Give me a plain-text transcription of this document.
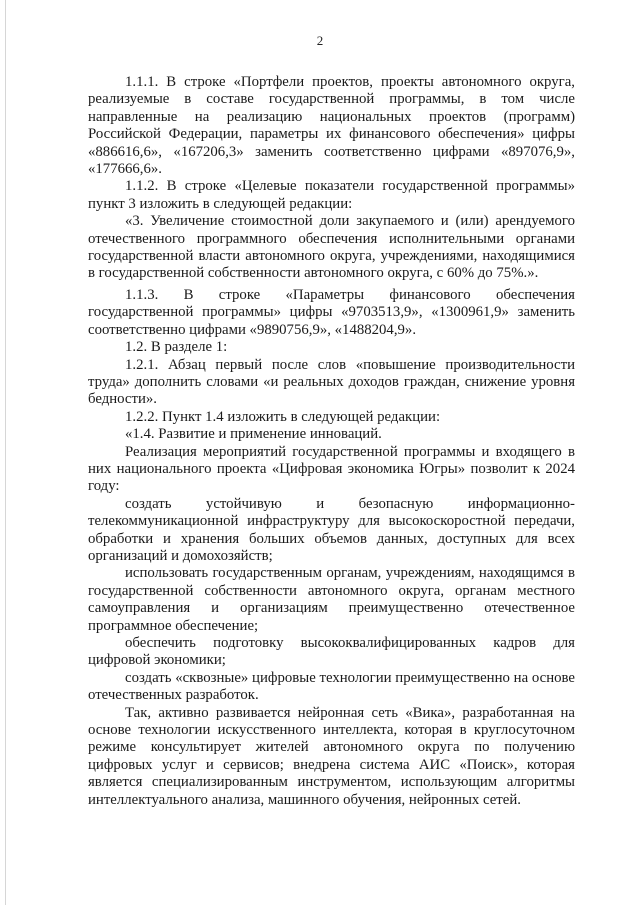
2

1.1.1. В строке «Портфели проектов, проекты автономного округа, реализуемые в составе государственной программы, в том числе направленные на реализацию национальных проектов (программ) Российской Федерации, параметры их финансового обеспечения» цифры «886616,6», «167206,3» заменить соответственно цифрами «897076,9», «177666,6».

1.1.2. В строке «Целевые показатели государственной программы» пункт 3 изложить в следующей редакции:

«3. Увеличение стоимостной доли закупаемого и (или) арендуемого отечественного программного обеспечения исполнительными органами государственной власти автономного округа, учреждениями, находящимися в государственной собственности автономного округа, с 60% до 75%.».

1.1.3. В строке «Параметры финансового обеспечения государственной программы» цифры «9703513,9», «1300961,9» заменить соответственно цифрами «9890756,9», «1488204,9».

1.2. В разделе 1:

1.2.1. Абзац первый после слов «повышение производительности труда» дополнить словами «и реальных доходов граждан, снижение уровня бедности».

1.2.2. Пункт 1.4 изложить в следующей редакции:

«1.4. Развитие и применение инноваций.

Реализация мероприятий государственной программы и входящего в них национального проекта «Цифровая экономика Югры» позволит к 2024 году:

создать устойчивую и безопасную информационно-телекоммуникационной инфраструктуру для высокоскоростной передачи, обработки и хранения больших объемов данных, доступных для всех организаций и домохозяйств;

использовать государственным органам, учреждениям, находящимся в государственной собственности автономного округа, органам местного самоуправления и организациям преимущественно отечественное программное обеспечение;

обеспечить подготовку высококвалифицированных кадров для цифровой экономики;

создать «сквозные» цифровые технологии преимущественно на основе отечественных разработок.

Так, активно развивается нейронная сеть «Вика», разработанная на основе технологии искусственного интеллекта, которая в круглосуточном режиме консультирует жителей автономного округа по получению цифровых услуг и сервисов; внедрена система АИС «Поиск», которая является специализированным инструментом, использующим алгоритмы интеллектуального анализа, машинного обучения, нейронных сетей.
